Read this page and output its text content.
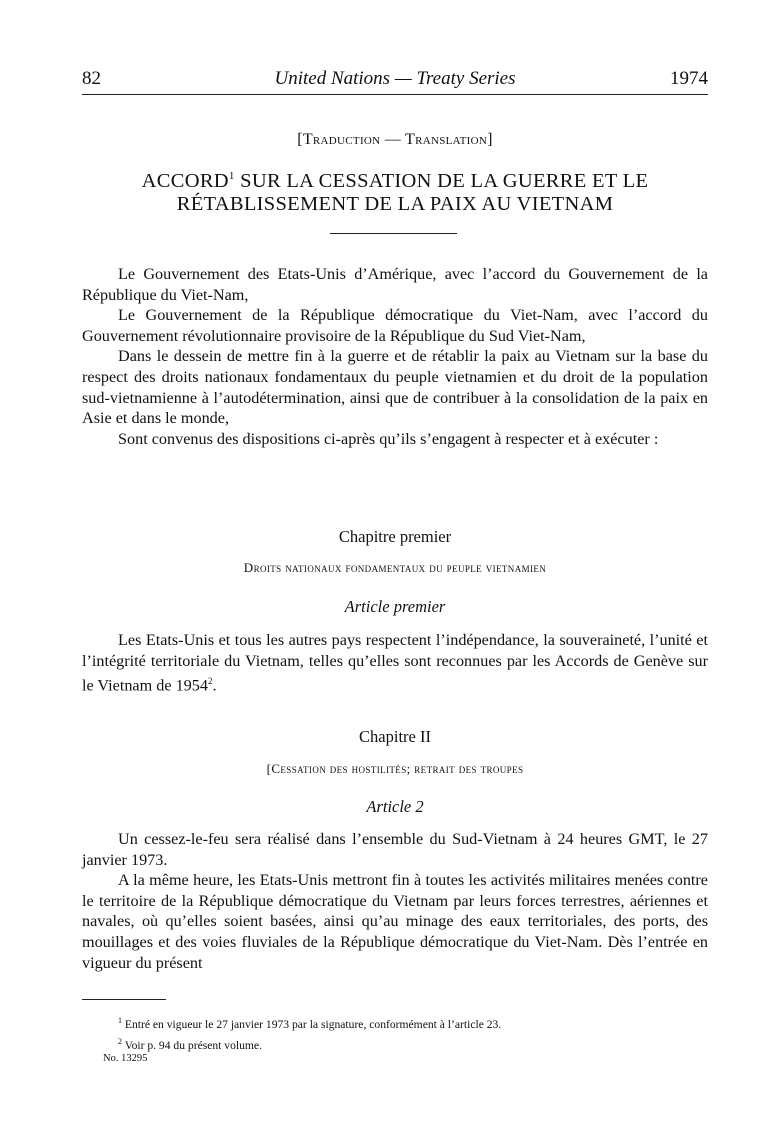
82	United Nations — Treaty Series	1974
[Traduction — Translation]
ACCORD$^1$ SUR LA CESSATION DE LA GUERRE ET LE
RÉTABLISSEMENT DE LA PAIX AU VIETNAM

Le Gouvernement des Etats-Unis d’Amérique, avec l’accord du Gouvernement de la République du Viet-Nam,

Le Gouvernement de la République démocratique du Viet-Nam, avec l’accord du Gouvernement révolutionnaire provisoire de la République du Sud Viet-Nam,

Dans le dessein de mettre fin à la guerre et de rétablir la paix au Vietnam sur la base du respect des droits nationaux fondamentaux du peuple vietnamien et du droit de la population sud-vietnamienne à l’autodétermination, ainsi que de contribuer à la consolidation de la paix en Asie et dans le monde,

Sont convenus des dispositions ci-après qu’ils s’engagent à respecter et à exécuter :

Chapitre premier
Droits nationaux fondamentaux du peuple vietnamien
Article premier

Les Etats-Unis et tous les autres pays respectent l’indépendance, la souveraineté, l’unité et l’intégrité territoriale du Vietnam, telles qu’elles sont reconnues par les Accords de Genève sur le Vietnam de 1954$^2$.

Chapitre II
[Cessation des hostilités; retrait des troupes
Article 2

Un cessez-le-feu sera réalisé dans l’ensemble du Sud-Vietnam à 24 heures GMT, le 27 janvier 1973.

A la même heure, les Etats-Unis mettront fin à toutes les activités militaires menées contre le territoire de la République démocratique du Vietnam par leurs forces terrestres, aériennes et navales, où qu’elles soient basées, ainsi qu’au minage des eaux territoriales, des ports, des mouillages et des voies fluviales de la République démocratique du Viet-Nam. Dès l’entrée en vigueur du présent

$^1$ Entré en vigueur le 27 janvier 1973 par la signature, conformément à l’article 23.
$^2$ Voir p. 94 du présent volume.
No. 13295
